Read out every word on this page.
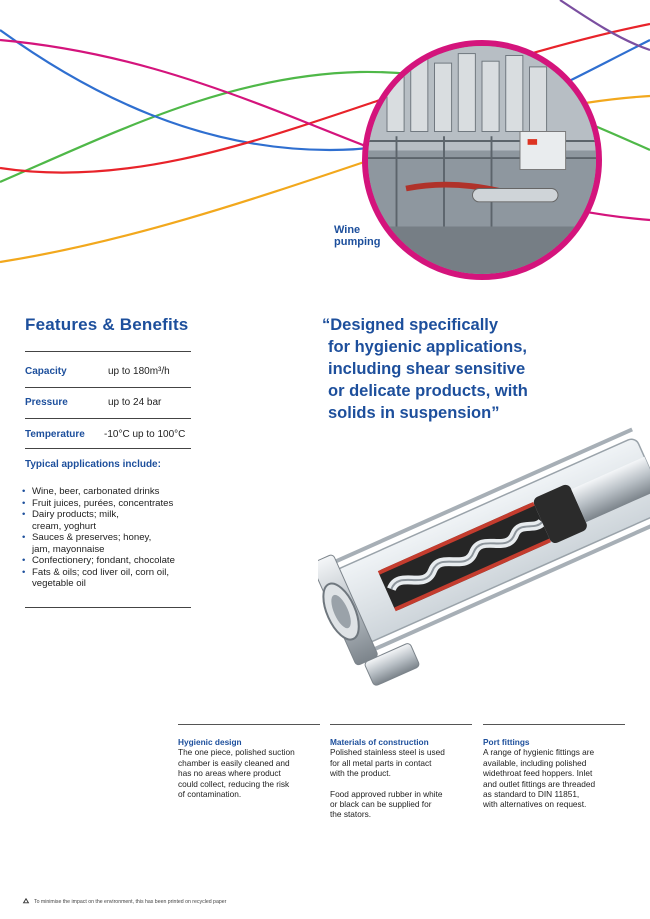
Wine
pumping
Features & Benefits
Capacity	up to 180m³/h
Pressure	up to 24 bar
Temperature -10°C up to 100°C
Typical applications include:
• Wine, beer, carbonated drinks
• Fruit juices, purées, concentrates
• Dairy products; milk,
cream, yoghurt
• Sauces & preserves; honey,
jam, mayonnaise
• Confectionery; fondant, chocolate
• Fats & oils; cod liver oil, corn oil,
vegetable oil
“Designed specifically
for hygienic applications,
including shear sensitive
or delicate products, with
solids in suspension”
Hygienic design

The one piece, polished suction
chamber is easily cleaned and
has no areas where product
could collect, reducing the risk
of contamination.

Materials of construction

Polished stainless steel is used
for all metal parts in contact
with the product.

Food approved rubber in white
or black can be supplied for
the stators.

Port fittings

A range of hygienic fittings are
available, including polished
widethroat feed hoppers. Inlet
and outlet fittings are threaded
as standard to DIN 11851,
with alternatives on request.

To minimise the impact on the environment, this has been printed on recycled paper
